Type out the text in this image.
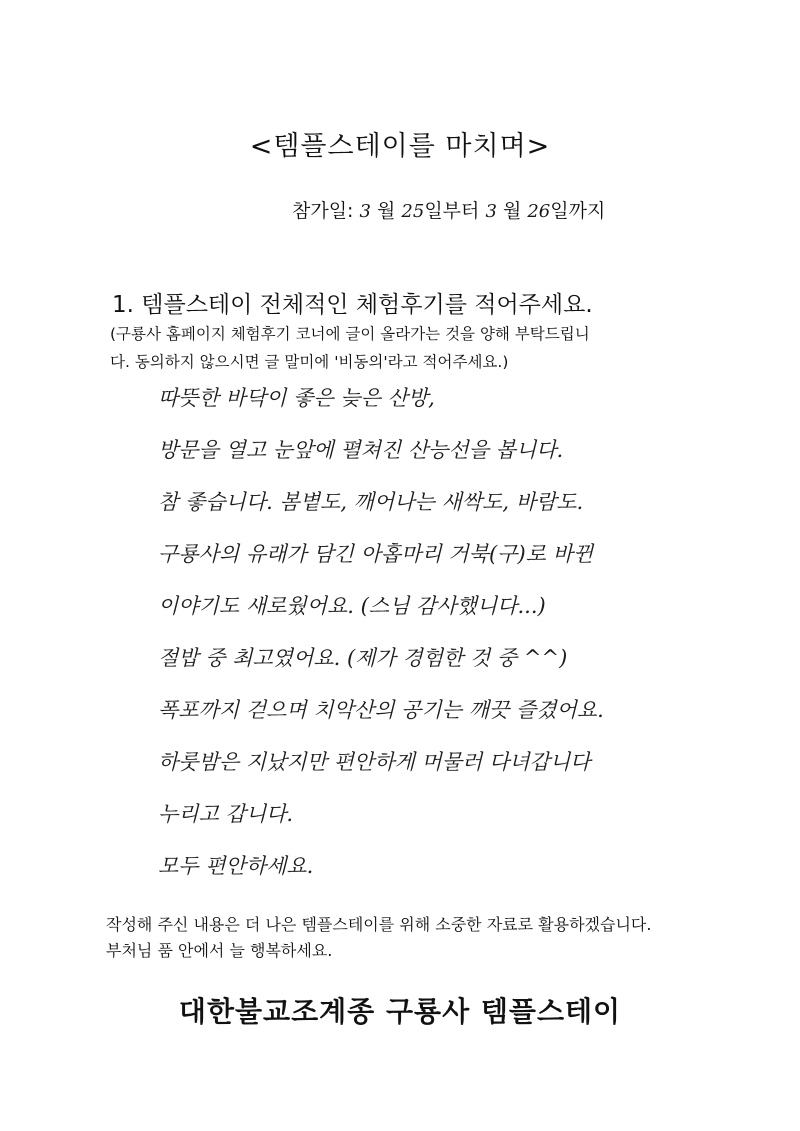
<템플스테이를 마치며>
참가일: 3 월 25일부터 3 월 26일까지
1. 템플스테이 전체적인 체험후기를 적어주세요.
(구룡사 홈페이지 체험후기 코너에 글이 올라가는 것을 양해 부탁드립니
다. 동의하지 않으시면 글 말미에 '비동의'라고 적어주세요.)
따뜻한 바닥이 좋은 늦은 산방,
방문을 열고 눈앞에 펼쳐진 산능선을 봅니다.
참 좋습니다. 봄볕도, 깨어나는 새싹도, 바람도.
구룡사의 유래가 담긴 아홉마리 거북(구)로 바뀐
이야기도 새로웠어요. (스님 감사했니다...)
절밥 중 최고였어요. (제가 경험한 것 중 ^^)
폭포까지 걷으며 치악산의 공기는 깨끗 즐겼어요.
하룻밤은 지났지만 편안하게 머물러 다녀갑니다
누리고 갑니다.
모두 편안하세요.
작성해 주신 내용은 더 나은 템플스테이를 위해 소중한 자료로 활용하겠습니다.
부처님 품 안에서 늘 행복하세요.
대한불교조계종 구룡사 템플스테이
